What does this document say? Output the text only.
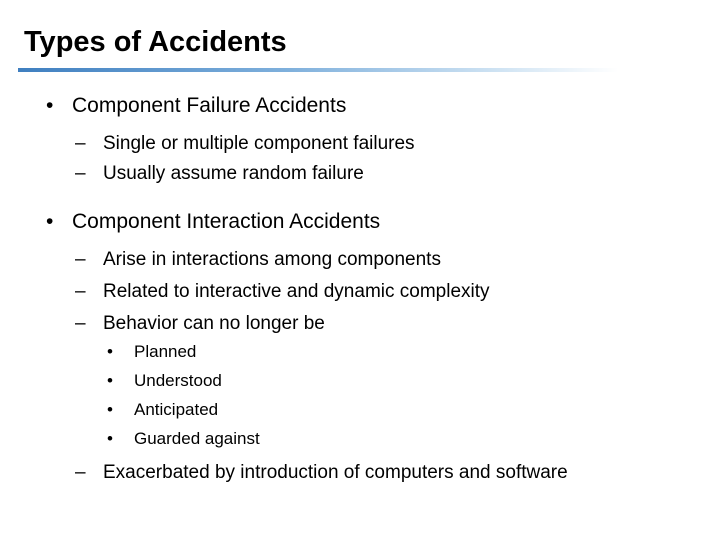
Types of Accidents
• Component Failure Accidents
– Single or multiple component failures
– Usually assume random failure
• Component Interaction Accidents
– Arise in interactions among components
– Related to interactive and dynamic complexity
– Behavior can no longer be
• Planned
• Understood
• Anticipated
• Guarded against
– Exacerbated by introduction of computers and software
